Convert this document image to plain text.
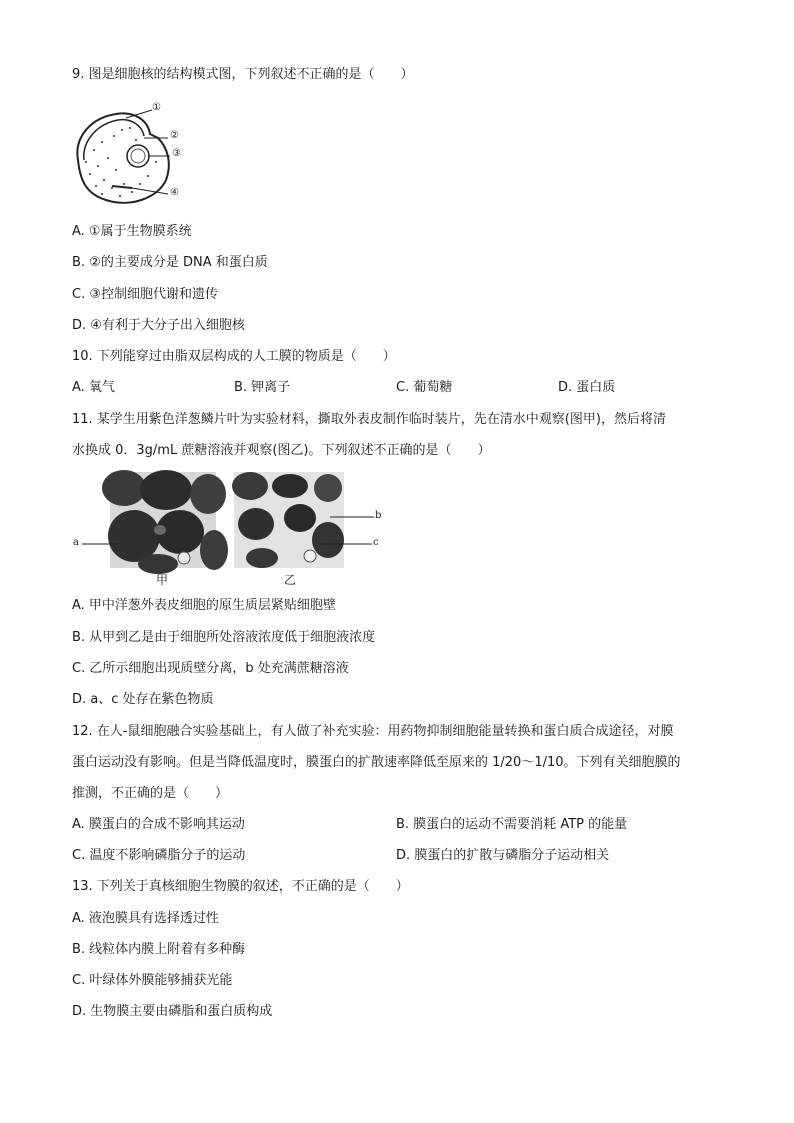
9. 图是细胞核的结构模式图，下列叙述不正确的是（　　）
①
②
③
④
A. ①属于生物膜系统
B. ②的主要成分是 DNA 和蛋白质
C. ③控制细胞代谢和遗传
D. ④有利于大分子出入细胞核
10. 下列能穿过由脂双层构成的人工膜的物质是（　　）
A. 氧气	B. 钾离子	C. 葡萄糖	D. 蛋白质
11. 某学生用紫色洋葱鳞片叶为实验材料，撕取外表皮制作临时装片，先在清水中观察(图甲)，然后将清
水换成 0．3g/mL 蔗糖溶液并观察(图乙)。下列叙述不正确的是（　　）
a
甲
b
c
乙
A. 甲中洋葱外表皮细胞的原生质层紧贴细胞壁
B. 从甲到乙是由于细胞所处溶液浓度低于细胞液浓度
C. 乙所示细胞出现质壁分离，b 处充满蔗糖溶液
D. a、c 处存在紫色物质
12. 在人-鼠细胞融合实验基础上，有人做了补充实验：用药物抑制细胞能量转换和蛋白质合成途径，对膜
蛋白运动没有影响。但是当降低温度时，膜蛋白的扩散速率降低至原来的 1/20～1/10。下列有关细胞膜的
推测，不正确的是（　　）
A. 膜蛋白的合成不影响其运动	B. 膜蛋白的运动不需要消耗 ATP 的能量
C. 温度不影响磷脂分子的运动	D. 膜蛋白的扩散与磷脂分子运动相关
13. 下列关于真核细胞生物膜的叙述，不正确的是（　　）
A. 液泡膜具有选择透过性
B. 线粒体内膜上附着有多种酶
C. 叶绿体外膜能够捕获光能
D. 生物膜主要由磷脂和蛋白质构成
